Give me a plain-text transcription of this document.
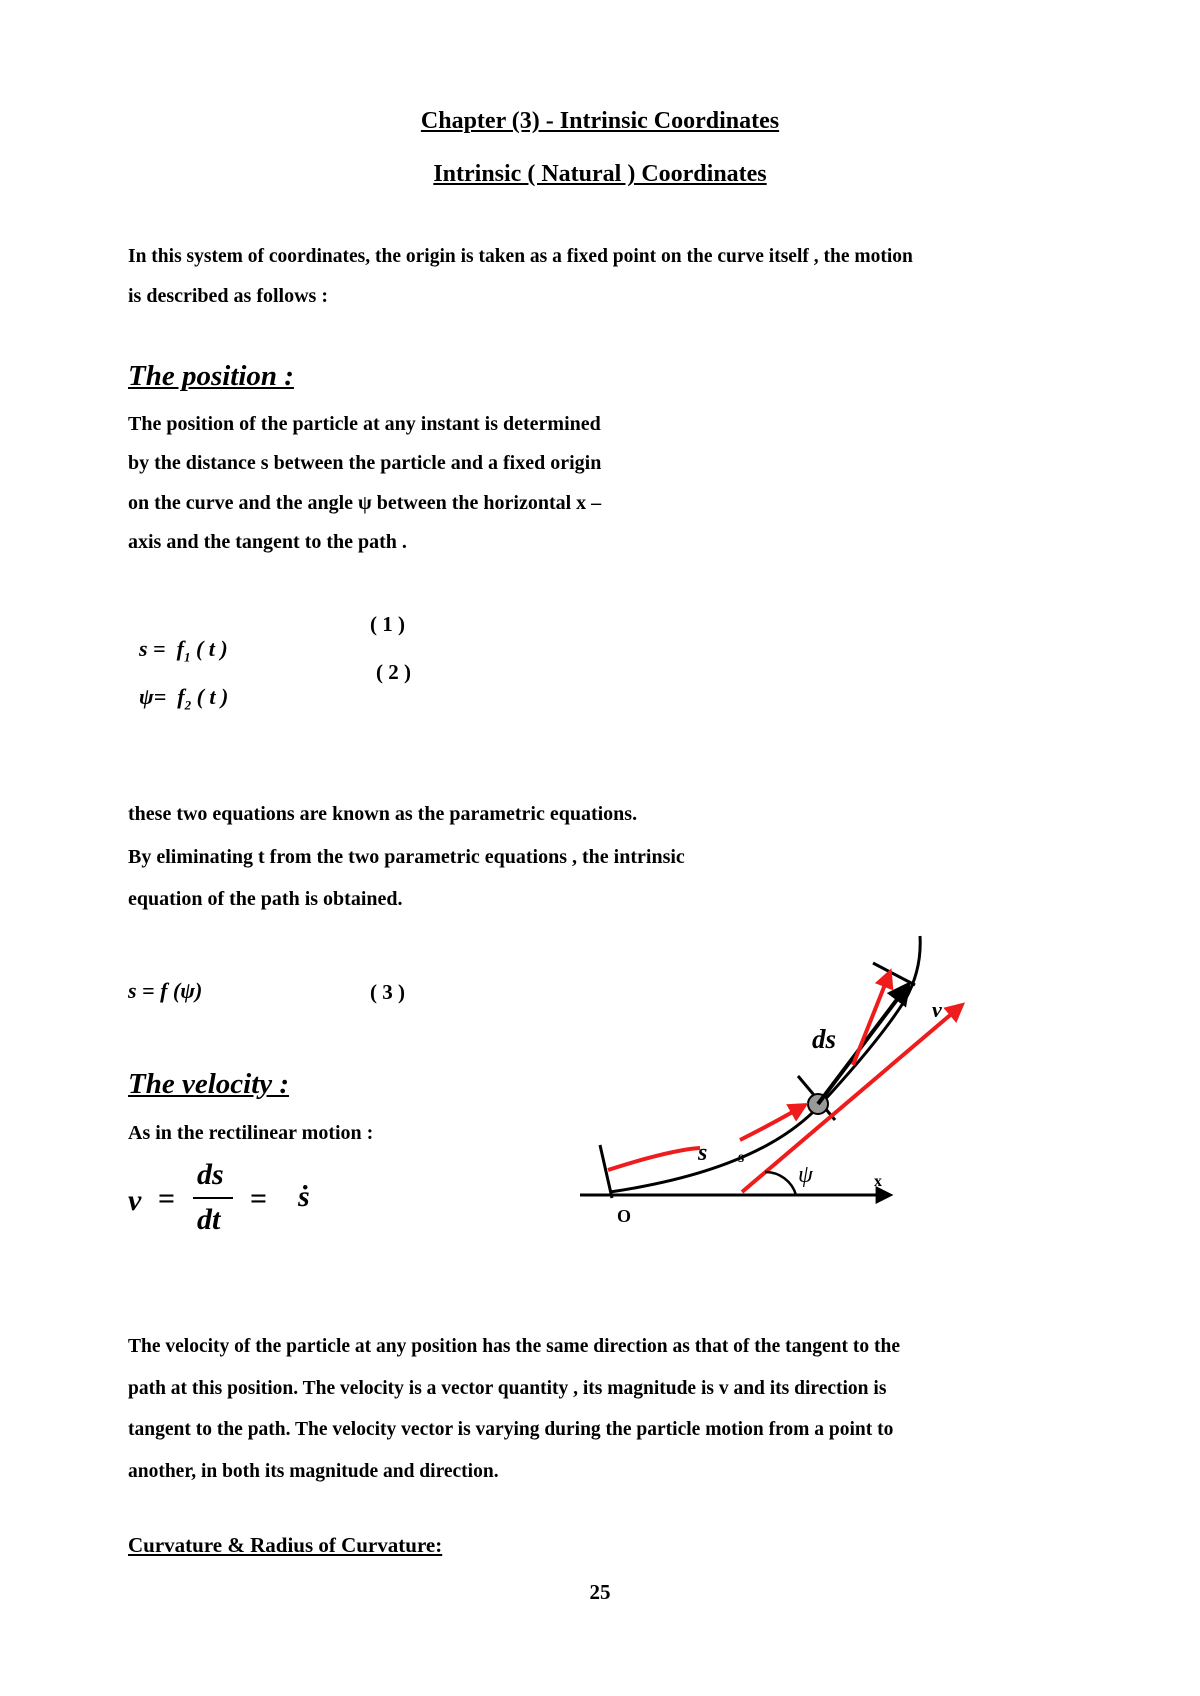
Chapter (3) - Intrinsic Coordinates
Intrinsic ( Natural ) Coordinates
In this system of coordinates, the origin is taken as a fixed point on the curve itself , the motion
is described as follows :
The position :
The position of the particle at any instant is determined
by the distance s between the particle and a fixed origin
on the curve and the angle ψ between the horizontal x –
axis and the tangent to the path .

$s = f_1$ ( t )

( 1 )

$\psi= f_2$ ( t )

( 2 )
these two equations are known as the parametric equations.
By eliminating t from the two parametric equations , the intrinsic
equation of the path is obtained.
s = f (ψ)	( 3 )
The velocity :
As in the rectilinear motion :
v =
ds
dt
= ṡ
ds
v
s s
ψ	x
O
The velocity of the particle at any position has the same direction as that of the tangent to the
path at this position. The velocity is a vector quantity , its magnitude is v and its direction is
tangent to the path. The velocity vector is varying during the particle motion from a point to
another, in both its magnitude and direction.
Curvature & Radius of Curvature:
25
